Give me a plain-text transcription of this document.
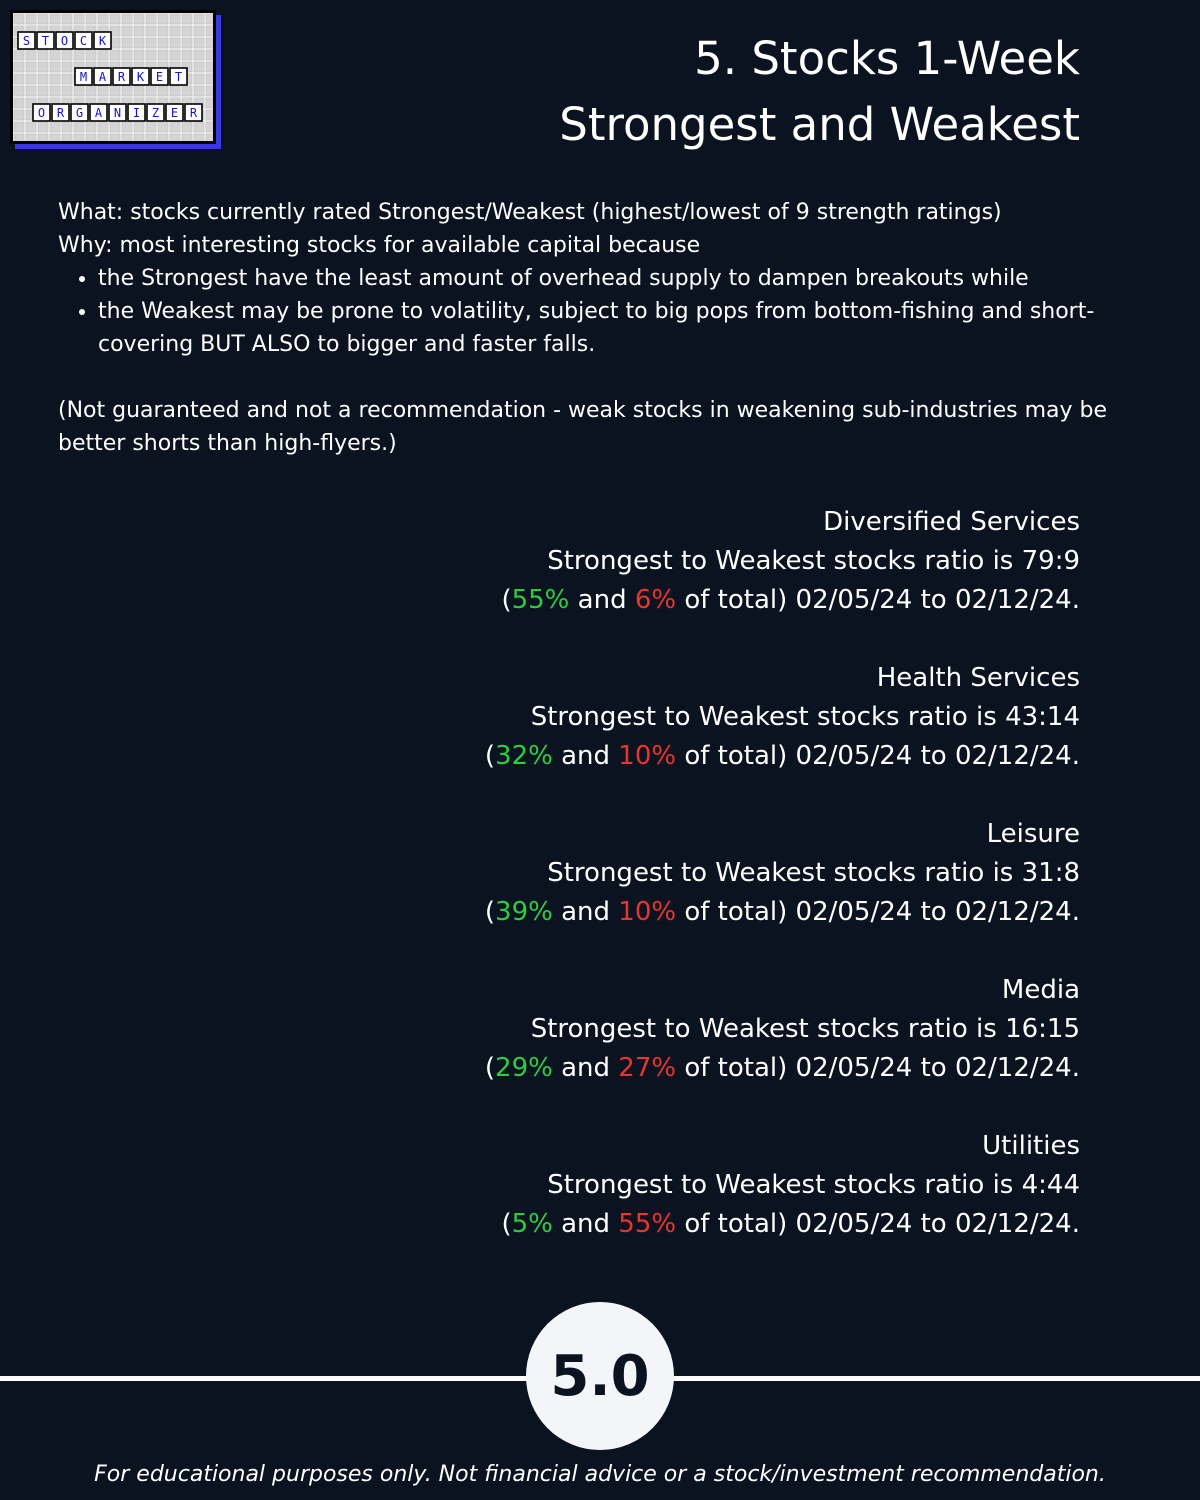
S T O C K
M A R K E T
O R G A N I Z E R
5. Stocks 1-Week
Strongest and Weakest

What: stocks currently rated Strongest/Weakest (highest/lowest of 9 strength ratings)

Why: most interesting stocks for available capital because

• the Strongest have the least amount of overhead supply to dampen breakouts while
• the Weakest may be prone to volatility, subject to big pops from bottom-fishing and short-covering BUT ALSO to bigger and faster falls.

(Not guaranteed and not a recommendation - weak stocks in weakening sub-industries may be better shorts than high-flyers.)

Diversified Services
Strongest to Weakest stocks ratio is 79:9
(55% and 6% of total) 02/05/24 to 02/12/24.
Health Services
Strongest to Weakest stocks ratio is 43:14
(32% and 10% of total) 02/05/24 to 02/12/24.
Leisure
Strongest to Weakest stocks ratio is 31:8
(39% and 10% of total) 02/05/24 to 02/12/24.
Media
Strongest to Weakest stocks ratio is 16:15
(29% and 27% of total) 02/05/24 to 02/12/24.
Utilities
Strongest to Weakest stocks ratio is 4:44
(5% and 55% of total) 02/05/24 to 02/12/24.
5.0
For educational purposes only. Not financial advice or a stock/investment recommendation.
